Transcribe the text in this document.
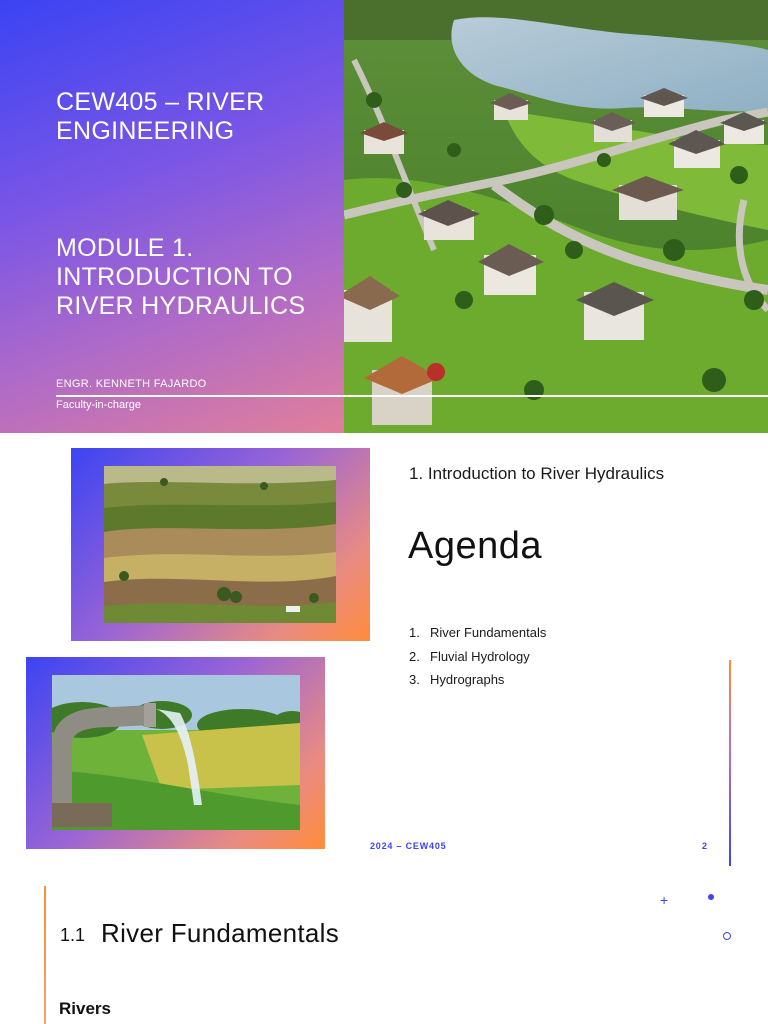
CEW405 – RIVER ENGINEERING
MODULE 1. INTRODUCTION TO RIVER HYDRAULICS
ENGR. KENNETH FAJARDO
Faculty-in-charge
1. Introduction to River Hydraulics
Agenda
1. River Fundamentals
2. Fluvial Hydrology
3. Hydrographs
2024 – CEW405	2
+
1.1 River Fundamentals
Rivers
